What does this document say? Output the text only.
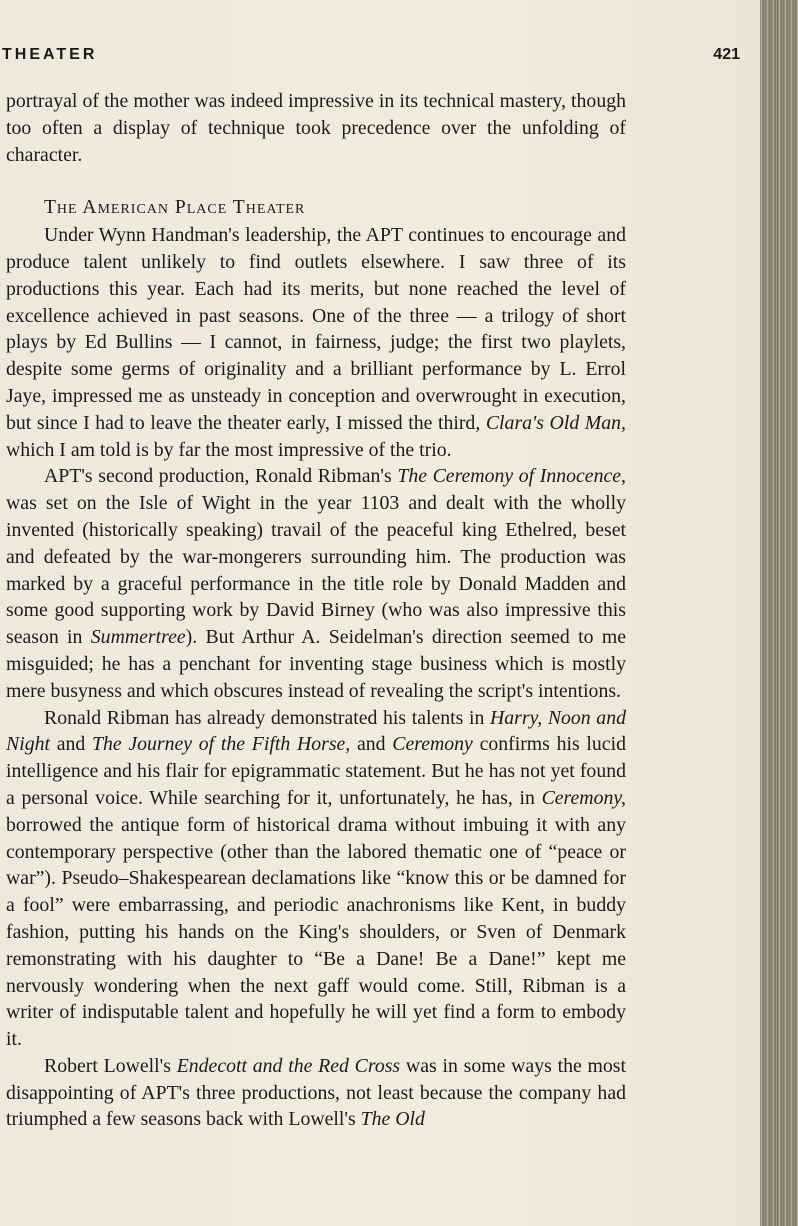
THEATER	421

portrayal of the mother was indeed impressive in its technical mastery, though too often a display of technique took precedence over the unfolding of character.

The American Place Theater

Under Wynn Handman's leadership, the APT continues to encourage and produce talent unlikely to find outlets elsewhere. I saw three of its productions this year. Each had its merits, but none reached the level of excellence achieved in past seasons. One of the three — a trilogy of short plays by Ed Bullins — I cannot, in fairness, judge; the first two playlets, despite some germs of originality and a brilliant performance by L. Errol Jaye, impressed me as unsteady in conception and overwrought in execution, but since I had to leave the theater early, I missed the third, Clara's Old Man, which I am told is by far the most impressive of the trio.

APT's second production, Ronald Ribman's The Ceremony of Innocence, was set on the Isle of Wight in the year 1103 and dealt with the wholly invented (historically speaking) travail of the peaceful king Ethelred, beset and defeated by the war-mongerers surrounding him. The production was marked by a graceful performance in the title role by Donald Madden and some good supporting work by David Birney (who was also impressive this season in Summertree). But Arthur A. Seidelman's direction seemed to me misguided; he has a penchant for inventing stage business which is mostly mere busyness and which obscures instead of revealing the script's intentions.

Ronald Ribman has already demonstrated his talents in Harry, Noon and Night and The Journey of the Fifth Horse, and Ceremony confirms his lucid intelligence and his flair for epigrammatic statement. But he has not yet found a personal voice. While searching for it, unfortunately, he has, in Ceremony, borrowed the antique form of historical drama without imbuing it with any contemporary perspective (other than the labored thematic one of “peace or war”). Pseudo–Shakespearean declamations like “know this or be damned for a fool” were embarrassing, and periodic anachronisms like Kent, in buddy fashion, putting his hands on the King's shoulders, or Sven of Denmark remonstrating with his daughter to “Be a Dane! Be a Dane!” kept me nervously wondering when the next gaff would come. Still, Ribman is a writer of indisputable talent and hopefully he will yet find a form to embody it.

Robert Lowell's Endecott and the Red Cross was in some ways the most disappointing of APT's three productions, not least because the company had triumphed a few seasons back with Lowell's The Old
